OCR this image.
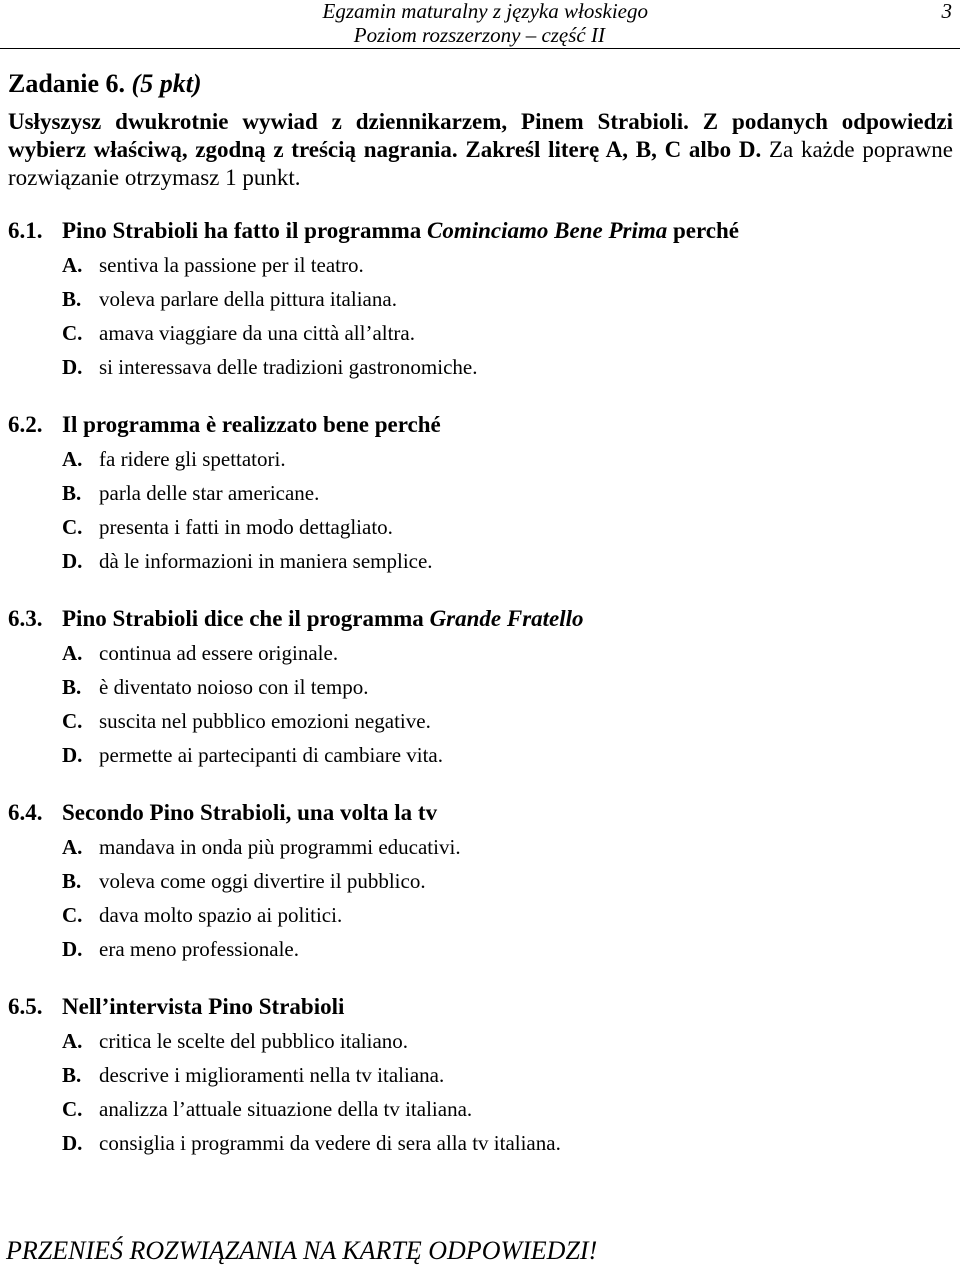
Egzamin maturalny z języka włoskiego	3
Poziom rozszerzony – część II
Zadanie 6. (5 pkt)

Usłyszysz dwukrotnie wywiad z dziennikarzem, Pinem Strabioli. Z podanych odpowiedzi wybierz właściwą, zgodną z treścią nagrania. Zakreśl literę A, B, C albo D. Za każde poprawne rozwiązanie otrzymasz 1 punkt.

6.1. Pino Strabioli ha fatto il programma Cominciamo Bene Prima perché
A. sentiva la passione per il teatro.
B. voleva parlare della pittura italiana.
C. amava viaggiare da una città all’altra.
D. si interessava delle tradizioni gastronomiche.
6.2. Il programma è realizzato bene perché
A. fa ridere gli spettatori.
B. parla delle star americane.
C. presenta i fatti in modo dettagliato.
D. dà le informazioni in maniera semplice.
6.3. Pino Strabioli dice che il programma Grande Fratello
A. continua ad essere originale.
B. è diventato noioso con il tempo.
C. suscita nel pubblico emozioni negative.
D. permette ai partecipanti di cambiare vita.
6.4. Secondo Pino Strabioli, una volta la tv
A. mandava in onda più programmi educativi.
B. voleva come oggi divertire il pubblico.
C. dava molto spazio ai politici.
D. era meno professionale.
6.5. Nell’intervista Pino Strabioli
A. critica le scelte del pubblico italiano.
B. descrive i miglioramenti nella tv italiana.
C. analizza l’attuale situazione della tv italiana.
D. consiglia i programmi da vedere di sera alla tv italiana.
PRZENIEŚ ROZWIĄZANIA NA KARTĘ ODPOWIEDZI!
